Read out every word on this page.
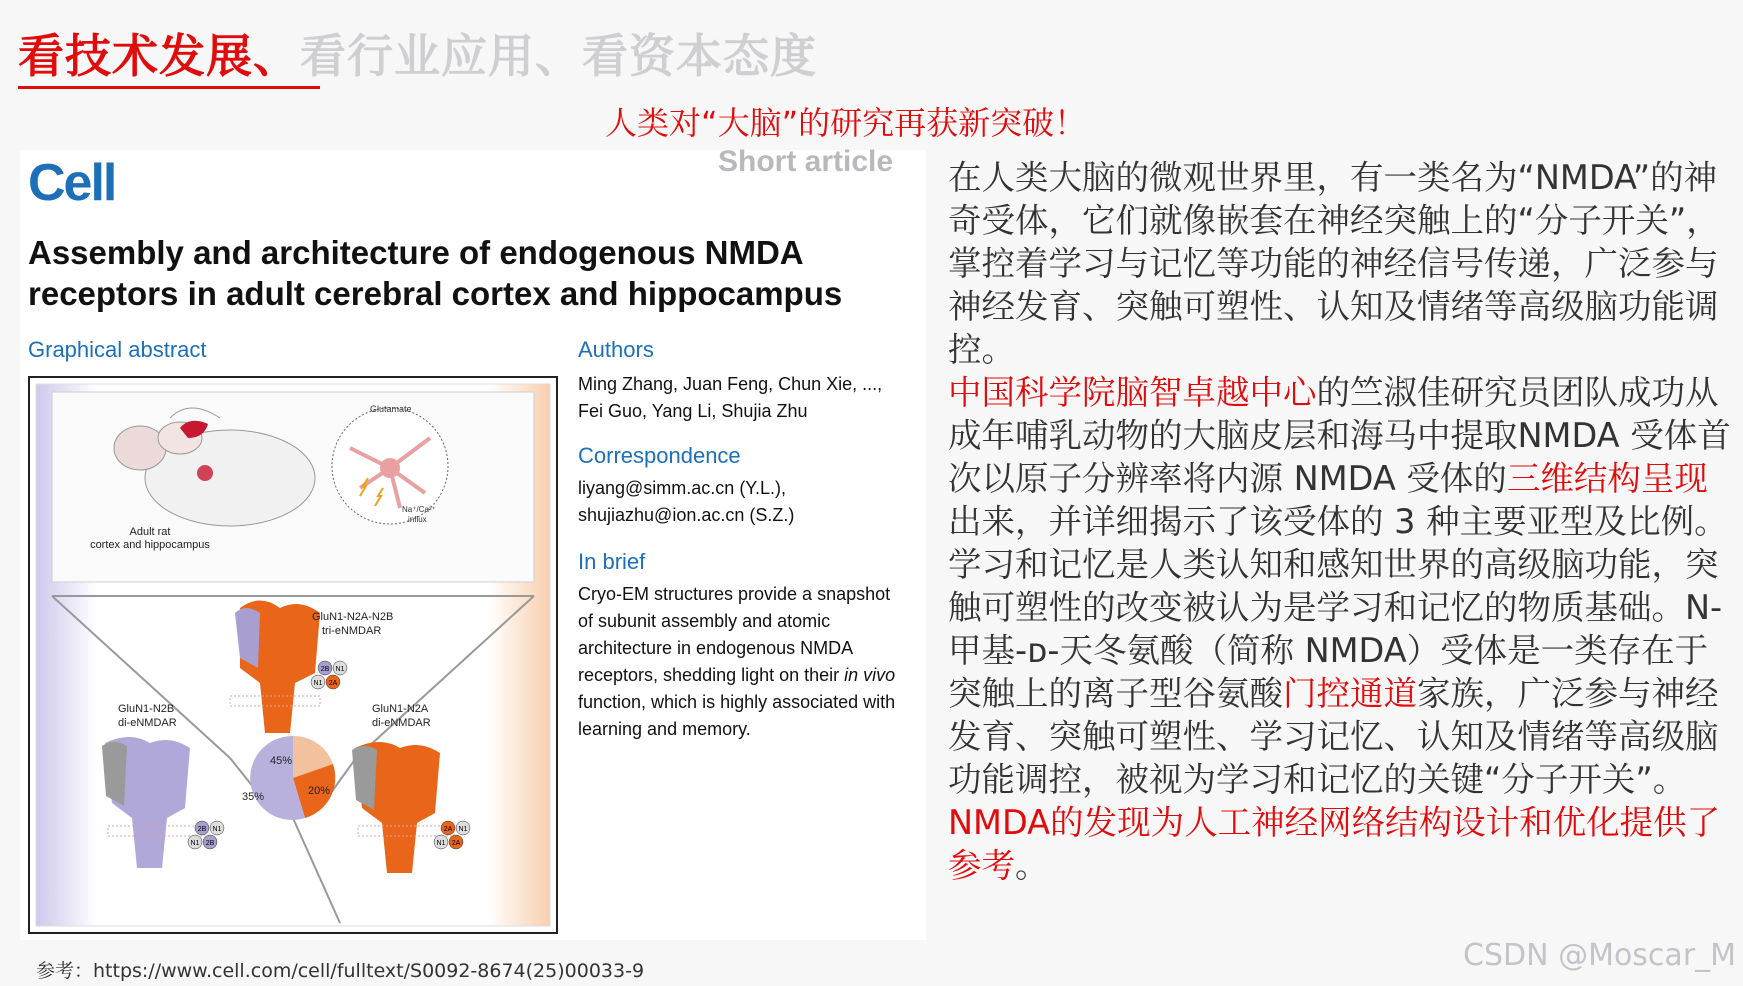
看技术发展、看行业应用、看资本态度
人类对“大脑”的研究再获新突破！
Short article
Cell
Assembly and architecture of endogenous NMDA
receptors in adult cerebral cortex and hippocampus
Graphical abstract
Glutamate
Na⁺/Ca²⁺
influx
Adult rat
cortex and hippocampus
GluN1-N2A-N2B
tri-eNMDAR
2B N1
N1 2A
45%
35%	20%
GluN1-N2B
di-eNMDAR
2B N1
N1 2B
GluN1-N2A
di-eNMDAR
2A N1
N1 2A
Authors
Ming Zhang, Juan Feng, Chun Xie, ...,
Fei Guo, Yang Li, Shujia Zhu
Correspondence
liyang@simm.ac.cn (Y.L.),
shujiazhu@ion.ac.cn (S.Z.)
In brief
Cryo-EM structures provide a snapshot
of subunit assembly and atomic
architecture in endogenous NMDA
receptors, shedding light on their in vivo
function, which is highly associated with
learning and memory.

在人类大脑的微观世界里，有一类名为“NMDA”的神奇受体，它们就像嵌套在神经突触上的“分子开关”，掌控着学习与记忆等功能的神经信号传递，广泛参与神经发育、突触可塑性、认知及情绪等高级脑功能调控。

中国科学院脑智卓越中心的竺淑佳研究员团队成功从成年哺乳动物的大脑皮层和海马中提取NMDA 受体首次以原子分辨率将内源 NMDA 受体的三维结构呈现出来，并详细揭示了该受体的 3 种主要亚型及比例。

学习和记忆是人类认知和感知世界的高级脑功能，突触可塑性的改变被认为是学习和记忆的物质基础。N-甲基-ᴅ-天冬氨酸（简称 NMDA）受体是一类存在于突触上的离子型谷氨酸门控通道家族，广泛参与神经发育、突触可塑性、学习记忆、认知及情绪等高级脑功能调控，被视为学习和记忆的关键“分子开关”。NMDA的发现为人工神经网络结构设计和优化提供了参考。

参考：https://www.cell.com/cell/fulltext/S0092-8674(25)00033-9	CSDN @Moscar_M
